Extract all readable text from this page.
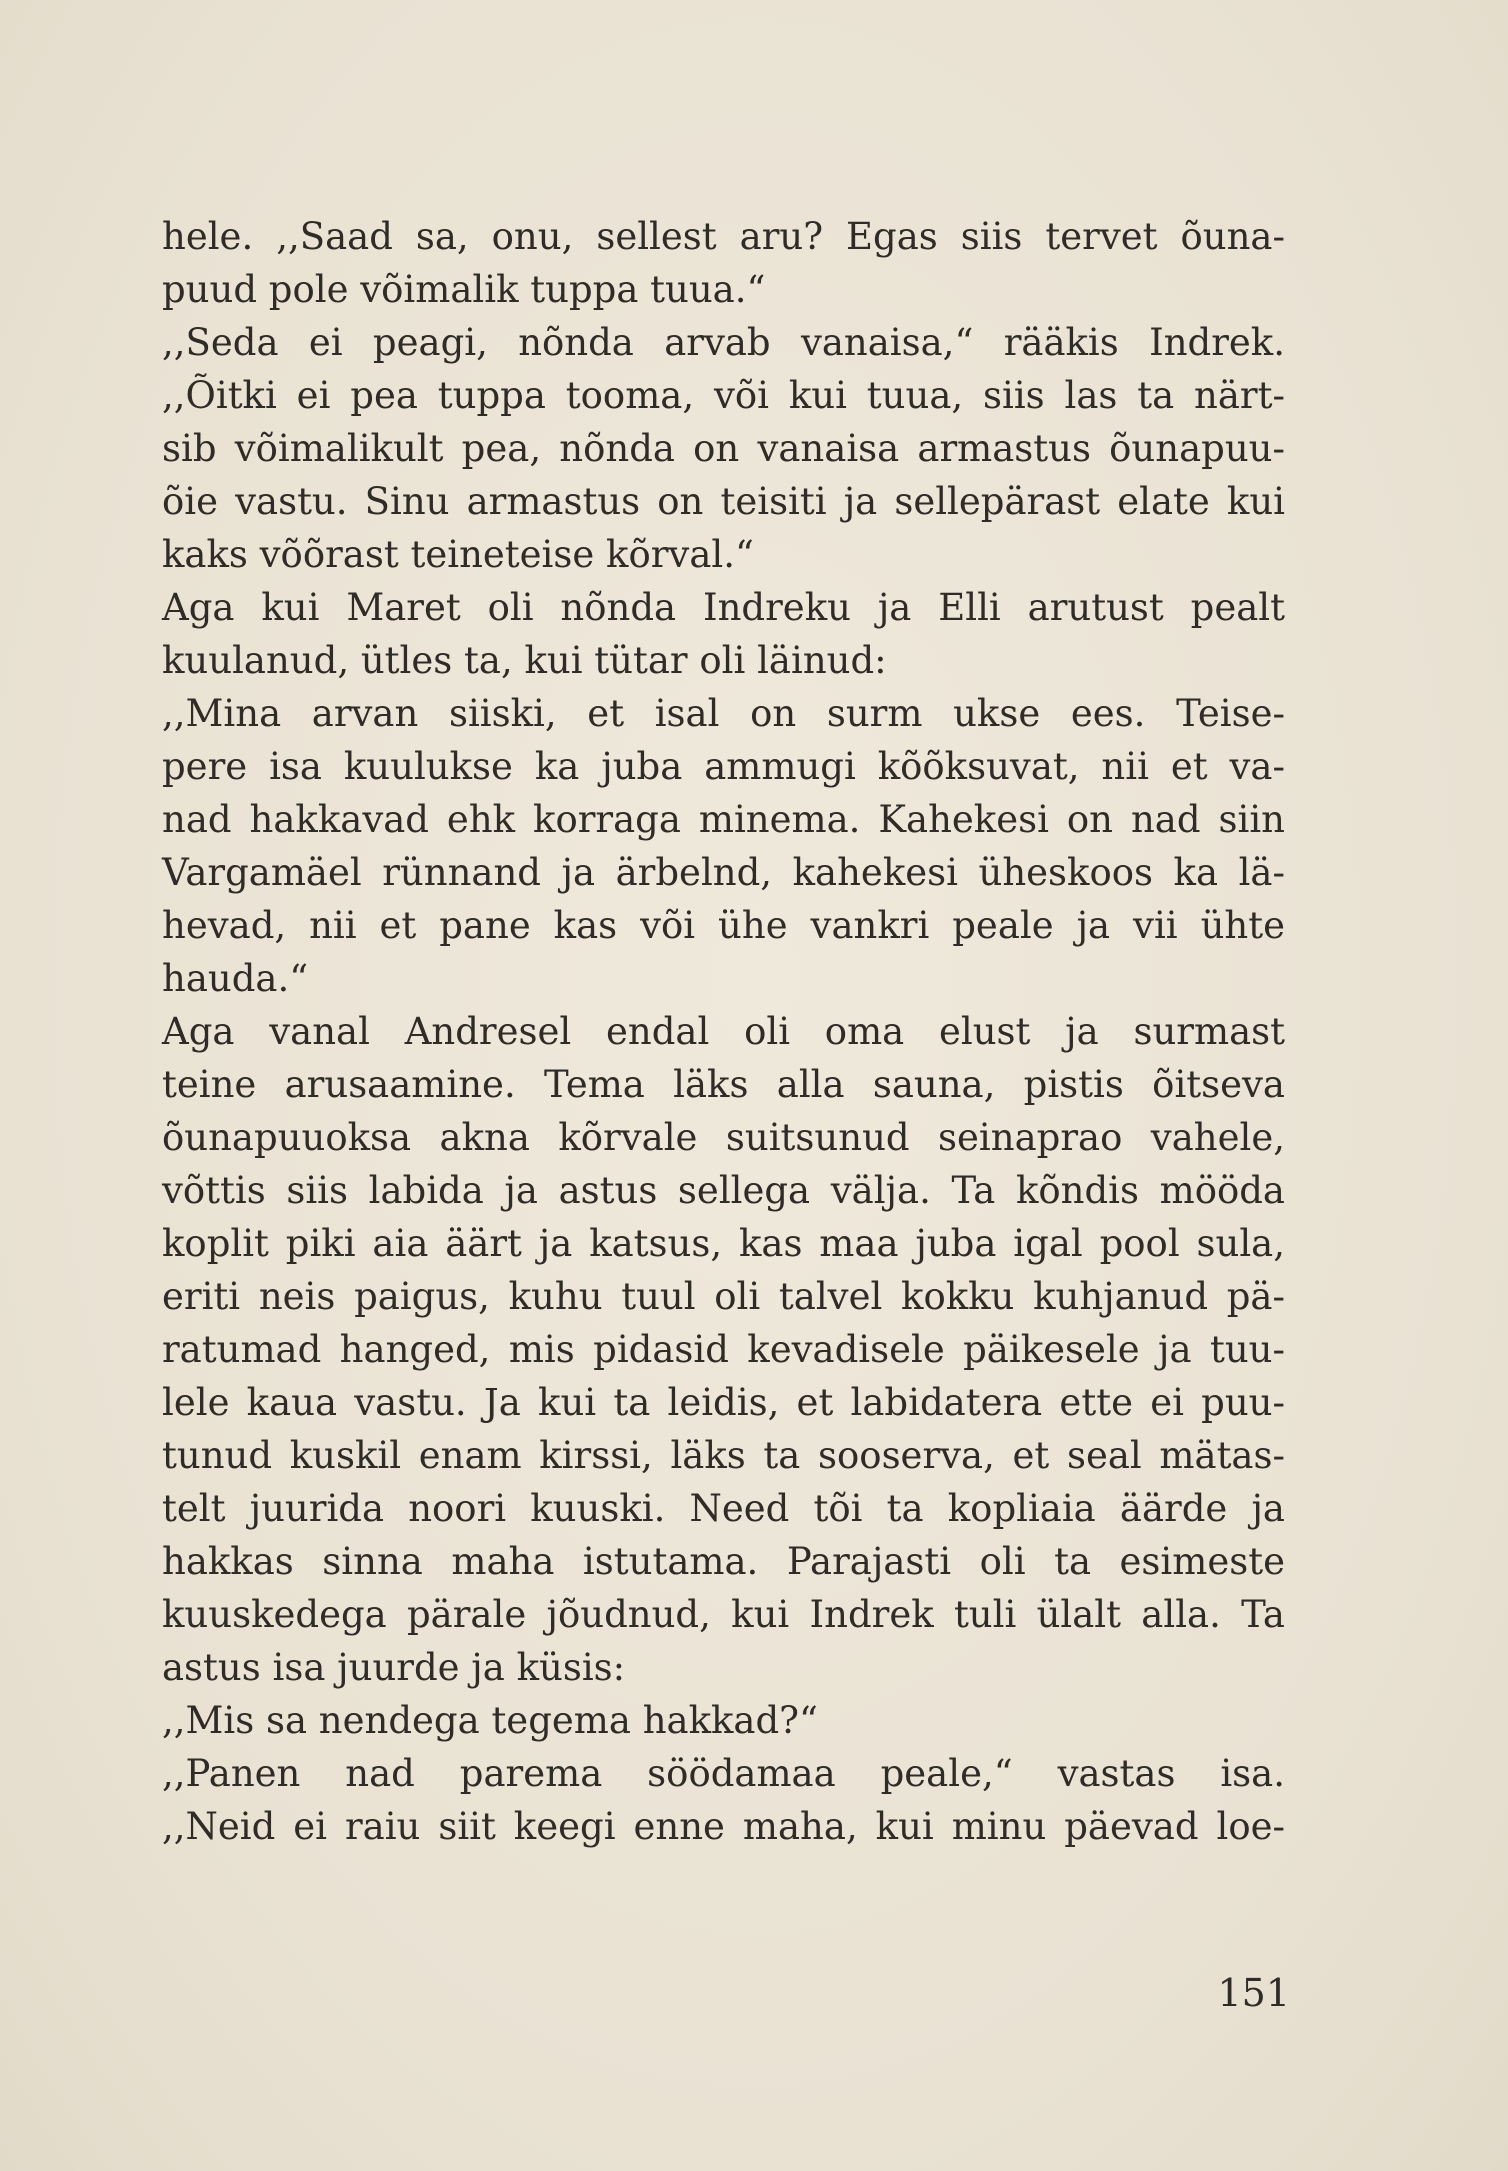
hele. ,,Saad sa, onu, sellest aru? Egas siis tervet õuna-
puud pole võimalik tuppa tuua.“
,,Seda ei peagi, nõnda arvab vanaisa,“ rääkis Indrek.
,,Õitki ei pea tuppa tooma, või kui tuua, siis las ta närt-
sib võimalikult pea, nõnda on vanaisa armastus õunapuu-
õie vastu. Sinu armastus on teisiti ja sellepärast elate kui
kaks võõrast teineteise kõrval.“
Aga kui Maret oli nõnda Indreku ja Elli arutust pealt
kuulanud, ütles ta, kui tütar oli läinud:
,,Mina arvan siiski, et isal on surm ukse ees. Teise-
pere isa kuulukse ka juba ammugi kõõksuvat, nii et va-
nad hakkavad ehk korraga minema. Kahekesi on nad siin
Vargamäel rünnand ja ärbelnd, kahekesi üheskoos ka lä-
hevad, nii et pane kas või ühe vankri peale ja vii ühte
hauda.“
Aga vanal Andresel endal oli oma elust ja surmast
teine arusaamine. Tema läks alla sauna, pistis õitseva
õunapuuoksa akna kõrvale suitsunud seinaprao vahele,
võttis siis labida ja astus sellega välja. Ta kõndis mööda
koplit piki aia äärt ja katsus, kas maa juba igal pool sula,
eriti neis paigus, kuhu tuul oli talvel kokku kuhjanud pä-
ratumad hanged, mis pidasid kevadisele päikesele ja tuu-
lele kaua vastu. Ja kui ta leidis, et labidatera ette ei puu-
tunud kuskil enam kirssi, läks ta sooserva, et seal mätas-
telt juurida noori kuuski. Need tõi ta kopliaia äärde ja
hakkas sinna maha istutama. Parajasti oli ta esimeste
kuuskedega pärale jõudnud, kui Indrek tuli ülalt alla. Ta
astus isa juurde ja küsis:
,,Mis sa nendega tegema hakkad?“
,,Panen nad parema söödamaa peale,“ vastas isa.
,,Neid ei raiu siit keegi enne maha, kui minu päevad loe-
151
